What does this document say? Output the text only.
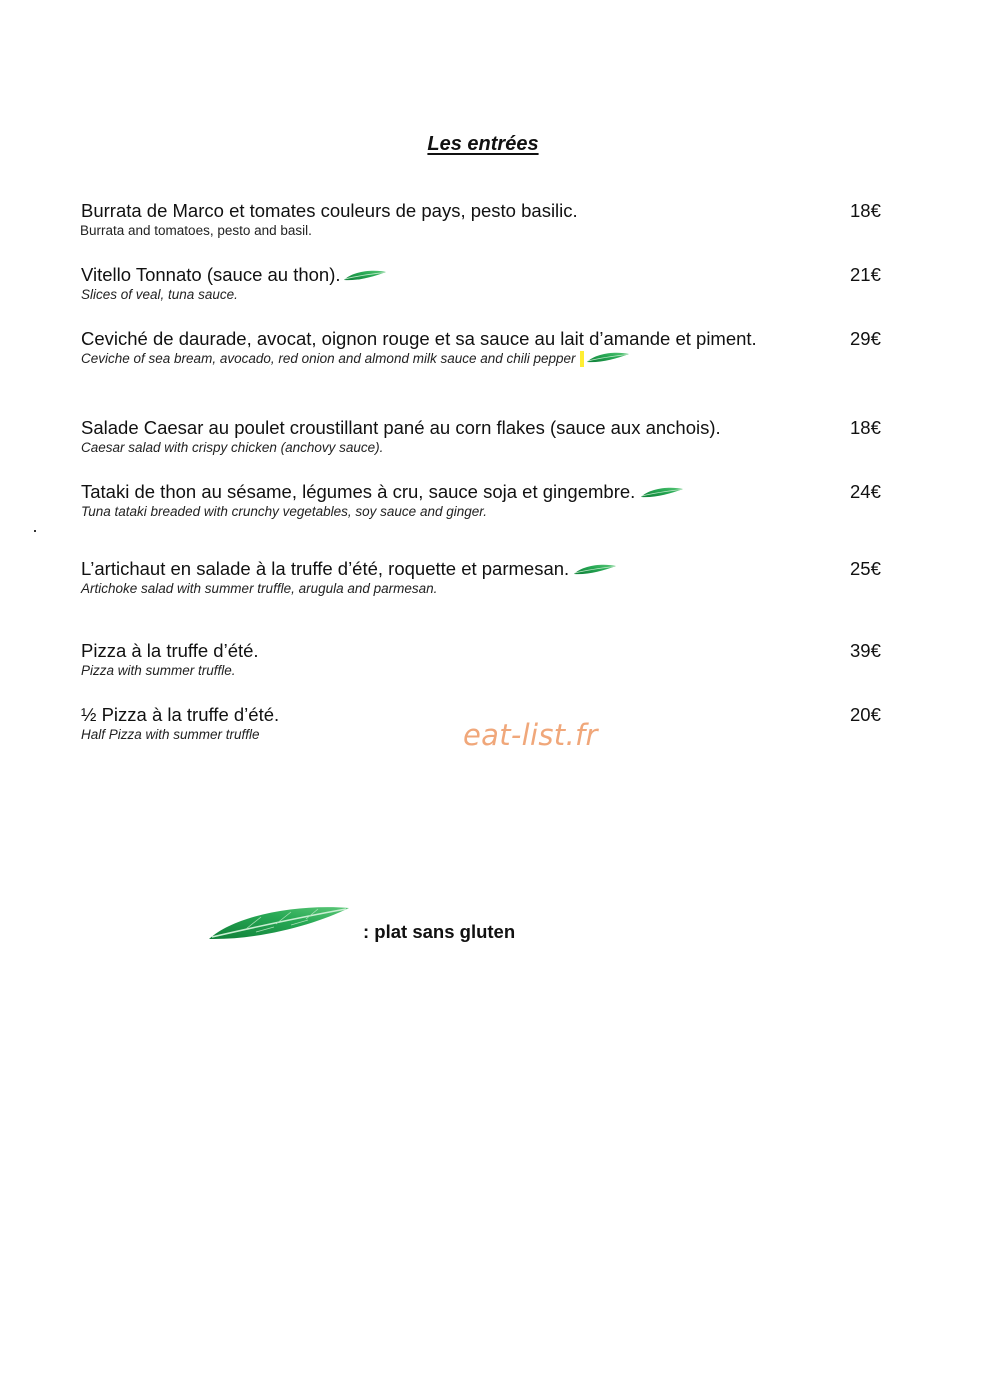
Les entrées
Burrata de Marco et tomates couleurs de pays, pesto basilic.
Burrata and tomatoes, pesto and basil.
18€
Vitello Tonnato (sauce au thon).
Slices of veal, tuna sauce.
21€
Ceviché de daurade, avocat, oignon rouge et sa sauce au lait d’amande et piment.
Ceviche of sea bream, avocado, red onion and almond milk sauce and chili pepper
29€
Salade Caesar au poulet croustillant pané au corn flakes (sauce aux anchois).
Caesar salad with crispy chicken (anchovy sauce).
18€
Tataki de thon au sésame, légumes à cru, sauce soja et gingembre.
Tuna tataki breaded with crunchy vegetables, soy sauce and ginger.
24€
L’artichaut en salade à la truffe d’été, roquette et parmesan.
Artichoke salad with summer truffle, arugula and parmesan.
25€
Pizza à la truffe d’été.
Pizza with summer truffle.
39€
½ Pizza à la truffe d’été.
Half Pizza with summer truffle
20€
eat-list.fr
: plat sans gluten
